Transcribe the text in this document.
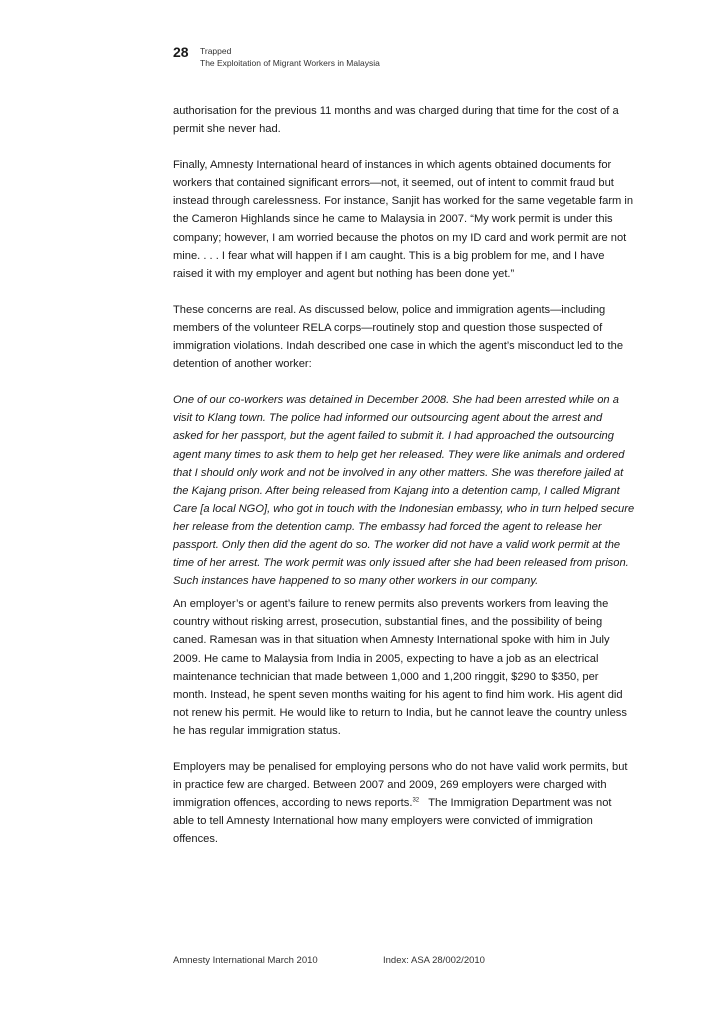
28 Trapped
The Exploitation of Migrant Workers in Malaysia

authorisation for the previous 11 months and was charged during that time for the cost of a

permit she never had.

Finally, Amnesty International heard of instances in which agents obtained documents for

workers that contained significant errors—not, it seemed, out of intent to commit fraud but

instead through carelessness. For instance, Sanjit has worked for the same vegetable farm in

the Cameron Highlands since he came to Malaysia in 2007. “My work permit is under this

company; however, I am worried because the photos on my ID card and work permit are not

mine. . . . I fear what will happen if I am caught. This is a big problem for me, and I have

raised it with my employer and agent but nothing has been done yet.”

These concerns are real. As discussed below, police and immigration agents—including

members of the volunteer RELA corps—routinely stop and question those suspected of

immigration violations. Indah described one case in which the agent’s misconduct led to the

detention of another worker:

One of our co-workers was detained in December 2008. She had been arrested while on a

visit to Klang town. The police had informed our outsourcing agent about the arrest and

asked for her passport, but the agent failed to submit it. I had approached the outsourcing

agent many times to ask them to help get her released. They were like animals and ordered

that I should only work and not be involved in any other matters. She was therefore jailed at

the Kajang prison. After being released from Kajang into a detention camp, I called Migrant

Care [a local NGO], who got in touch with the Indonesian embassy, who in turn helped secure

her release from the detention camp. The embassy had forced the agent to release her

passport. Only then did the agent do so. The worker did not have a valid work permit at the

time of her arrest. The work permit was only issued after she had been released from prison.

Such instances have happened to so many other workers in our company.

An employer’s or agent’s failure to renew permits also prevents workers from leaving the

country without risking arrest, prosecution, substantial fines, and the possibility of being

caned. Ramesan was in that situation when Amnesty International spoke with him in July

2009. He came to Malaysia from India in 2005, expecting to have a job as an electrical

maintenance technician that made between 1,000 and 1,200 ringgit, $290 to $350, per

month. Instead, he spent seven months waiting for his agent to find him work. His agent did

not renew his permit. He would like to return to India, but he cannot leave the country unless

he has regular immigration status.

Employers may be penalised for employing persons who do not have valid work permits, but

in practice few are charged. Between 2007 and 2009, 269 employers were charged with

immigration offences, according to news reports.$^{32}$   The Immigration Department was not

able to tell Amnesty International how many employers were convicted of immigration

offences.

Amnesty International March 2010	Index: ASA 28/002/2010
